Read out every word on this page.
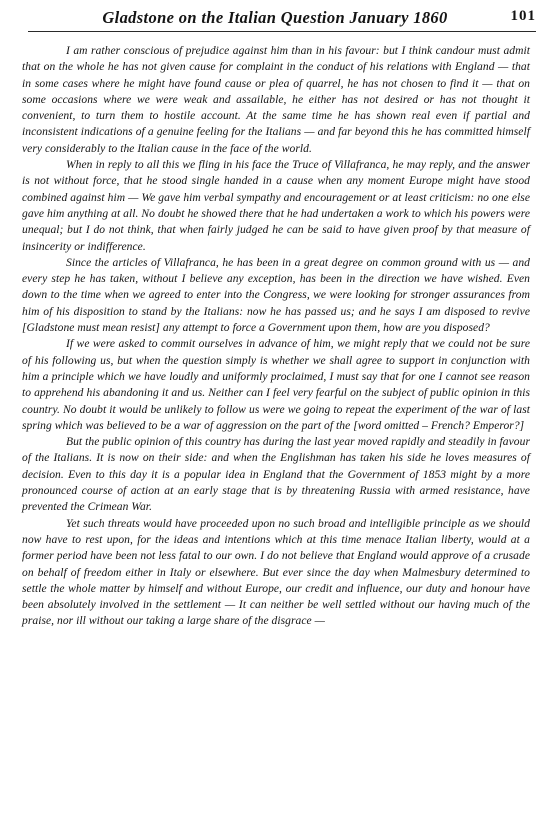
Gladstone on the Italian Question January 1860	101

I am rather conscious of prejudice against him than in his favour: but I think candour must admit that on the whole he has not given cause for complaint in the conduct of his relations with England — that in some cases where he might have found cause or plea of quarrel, he has not chosen to find it — that on some occasions where we were weak and assailable, he either has not desired or has not thought it convenient, to turn them to hostile account. At the same time he has shown real even if partial and inconsistent indications of a genuine feeling for the Italians — and far beyond this he has committed himself very considerably to the Italian cause in the face of the world.

When in reply to all this we fling in his face the Truce of Villafranca, he may reply, and the answer is not without force, that he stood single handed in a cause when any moment Europe might have stood combined against him — We gave him verbal sympathy and encouragement or at least criticism: no one else gave him anything at all. No doubt he showed there that he had undertaken a work to which his powers were unequal; but I do not think, that when fairly judged he can be said to have given proof by that measure of insincerity or indifference.

Since the articles of Villafranca, he has been in a great degree on common ground with us — and every step he has taken, without I believe any exception, has been in the direction we have wished. Even down to the time when we agreed to enter into the Congress, we were looking for stronger assurances from him of his disposition to stand by the Italians: now he has passed us; and he says I am disposed to revive [Gladstone must mean resist] any attempt to force a Government upon them, how are you disposed?

If we were asked to commit ourselves in advance of him, we might reply that we could not be sure of his following us, but when the question simply is whether we shall agree to support in conjunction with him a principle which we have loudly and uniformly proclaimed, I must say that for one I cannot see reason to apprehend his abandoning it and us. Neither can I feel very fearful on the subject of public opinion in this country. No doubt it would be unlikely to follow us were we going to repeat the experiment of the war of last spring which was believed to be a war of aggression on the part of the [word omitted – French? Emperor?]

But the public opinion of this country has during the last year moved rapidly and steadily in favour of the Italians. It is now on their side: and when the Englishman has taken his side he loves measures of decision. Even to this day it is a popular idea in England that the Government of 1853 might by a more pronounced course of action at an early stage that is by threatening Russia with armed resistance, have prevented the Crimean War.

Yet such threats would have proceeded upon no such broad and intelligible principle as we should now have to rest upon, for the ideas and intentions which at this time menace Italian liberty, would at a former period have been not less fatal to our own. I do not believe that England would approve of a crusade on behalf of freedom either in Italy or elsewhere. But ever since the day when Malmesbury determined to settle the whole matter by himself and without Europe, our credit and influence, our duty and honour have been absolutely involved in the settlement — It can neither be well settled without our having much of the praise, nor ill without our taking a large share of the disgrace —
